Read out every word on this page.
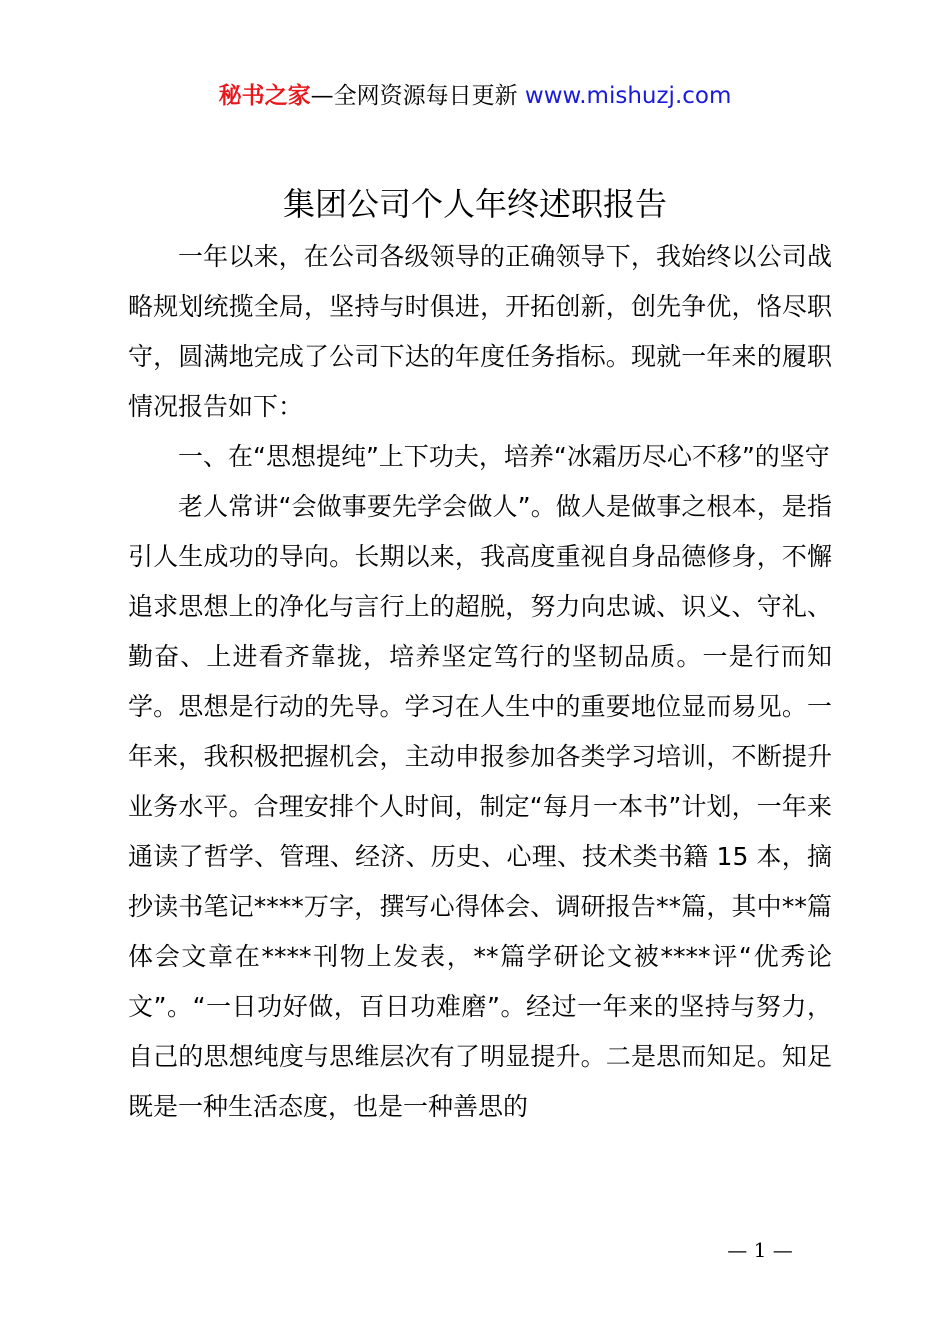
秘书之家—全网资源每日更新 www.mishuzj.com
集团公司个人年终述职报告

一年以来，在公司各级领导的正确领导下，我始终以公司战略规划统揽全局，坚持与时俱进，开拓创新，创先争优，恪尽职守，圆满地完成了公司下达的年度任务指标。现就一年来的履职情况报告如下：

一、在“思想提纯”上下功夫，培养“冰霜历尽心不移”的坚守

老人常讲“会做事要先学会做人”。做人是做事之根本，是指引人生成功的导向。长期以来，我高度重视自身品德修身，不懈追求思想上的净化与言行上的超脱，努力向忠诚、识义、守礼、勤奋、上进看齐靠拢，培养坚定笃行的坚韧品质。一是行而知学。思想是行动的先导。学习在人生中的重要地位显而易见。一年来，我积极把握机会，主动申报参加各类学习培训，不断提升业务水平。合理安排个人时间，制定“每月一本书”计划，一年来通读了哲学、管理、经济、历史、心理、技术类书籍 15 本，摘抄读书笔记****万字，撰写心得体会、调研报告**篇，其中**篇体会文章在****刊物上发表，**篇学研论文被****评“优秀论文”。“一日功好做，百日功难磨”。经过一年来的坚持与努力，自己的思想纯度与思维层次有了明显提升。二是思而知足。知足既是一种生活态度，也是一种善思的

— 1 —
